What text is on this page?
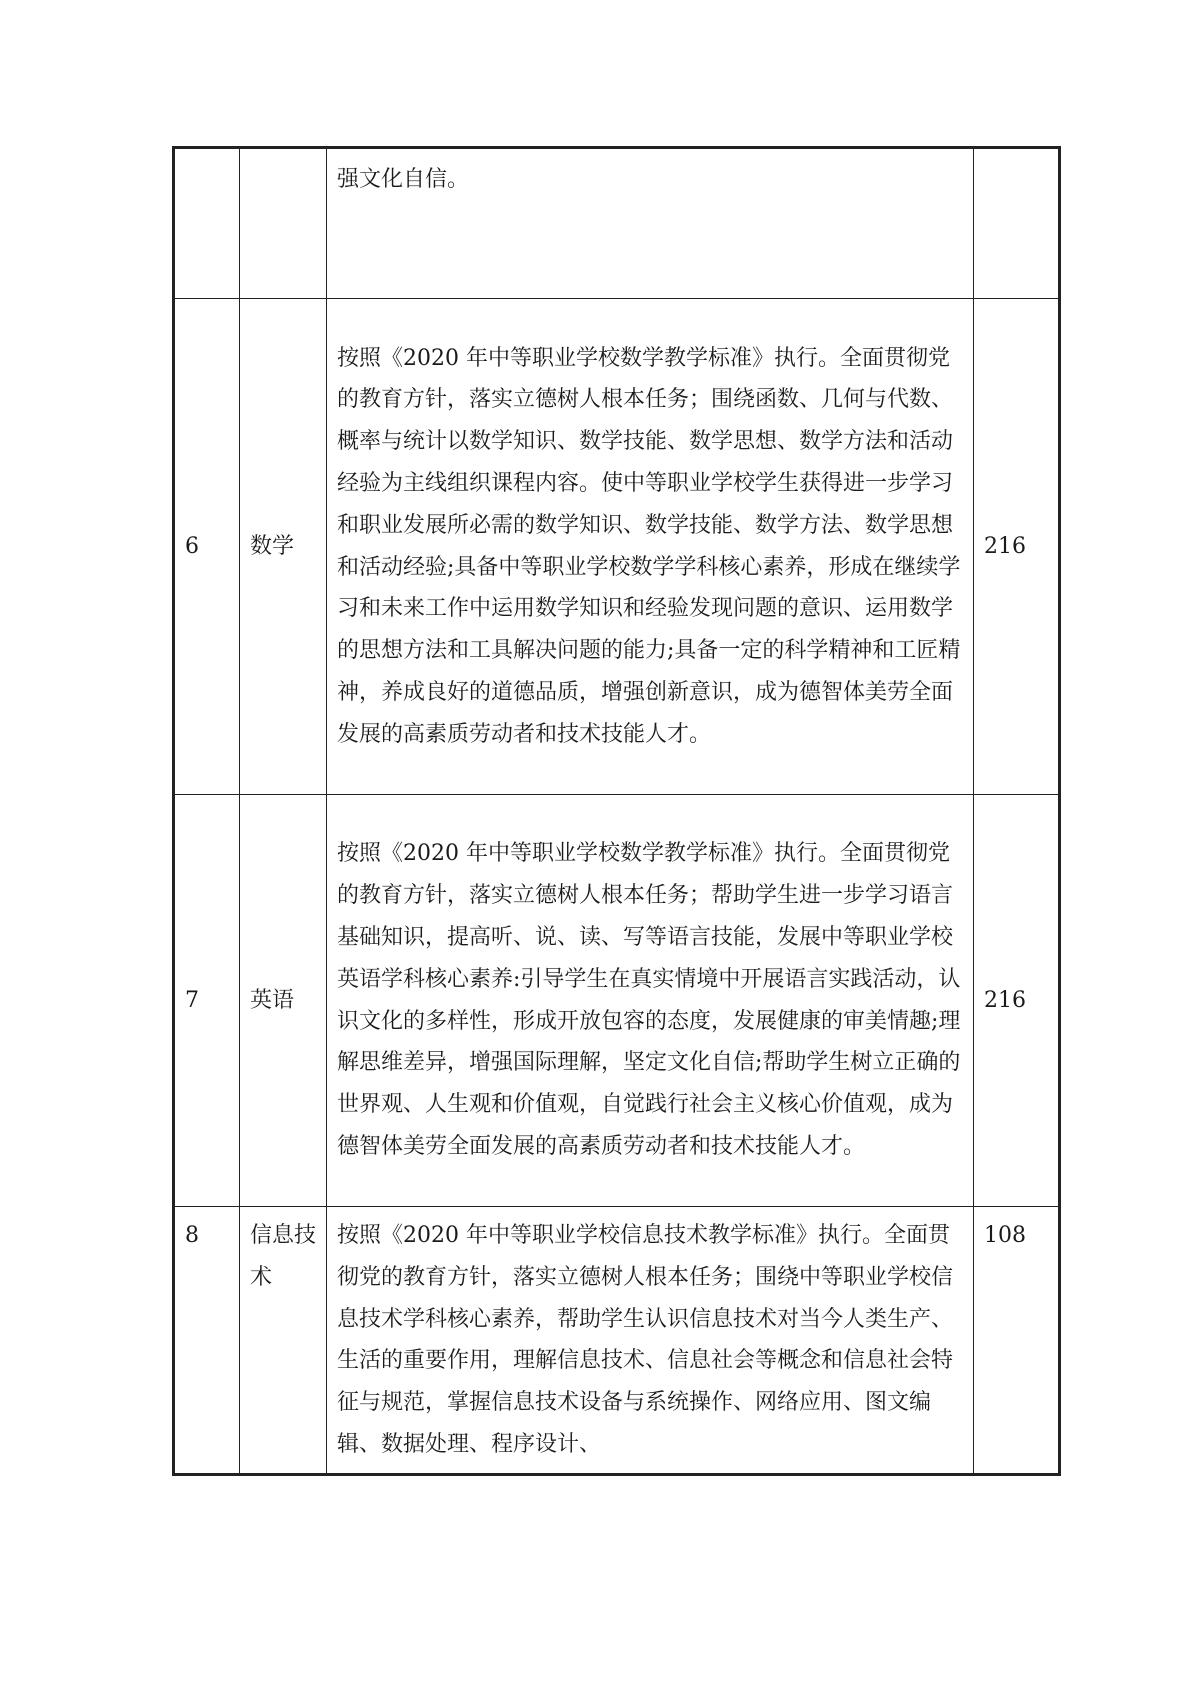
		强文化自信。	
6	数学	按照《2020 年中等职业学校数学教学标准》执行。全面贯彻党的教育方针，落实立德树人根本任务；围绕函数、几何与代数、概率与统计以数学知识、数学技能、数学思想、数学方法和活动经验为主线组织课程内容。使中等职业学校学生获得进一步学习和职业发展所必需的数学知识、数学技能、数学方法、数学思想和活动经验;具备中等职业学校数学学科核心素养，形成在继续学习和未来工作中运用数学知识和经验发现问题的意识、运用数学的思想方法和工具解决问题的能力;具备一定的科学精神和工匠精神，养成良好的道德品质，增强创新意识，成为德智体美劳全面发展的高素质劳动者和技术技能人才。	216
7	英语	按照《2020 年中等职业学校数学教学标准》执行。全面贯彻党的教育方针，落实立德树人根本任务；帮助学生进一步学习语言基础知识，提高听、说、读、写等语言技能，发展中等职业学校英语学科核心素养:引导学生在真实情境中开展语言实践活动，认识文化的多样性，形成开放包容的态度，发展健康的审美情趣;理解思维差异，增强国际理解，坚定文化自信;帮助学生树立正确的世界观、人生观和价值观，自觉践行社会主义核心价值观，成为德智体美劳全面发展的高素质劳动者和技术技能人才。	216
8	信息技术	按照《2020 年中等职业学校信息技术教学标准》执行。全面贯彻党的教育方针，落实立德树人根本任务；围绕中等职业学校信息技术学科核心素养，帮助学生认识信息技术对当今人类生产、生活的重要作用，理解信息技术、信息社会等概念和信息社会特征与规范，掌握信息技术设备与系统操作、网络应用、图文编辑、数据处理、程序设计、	108
